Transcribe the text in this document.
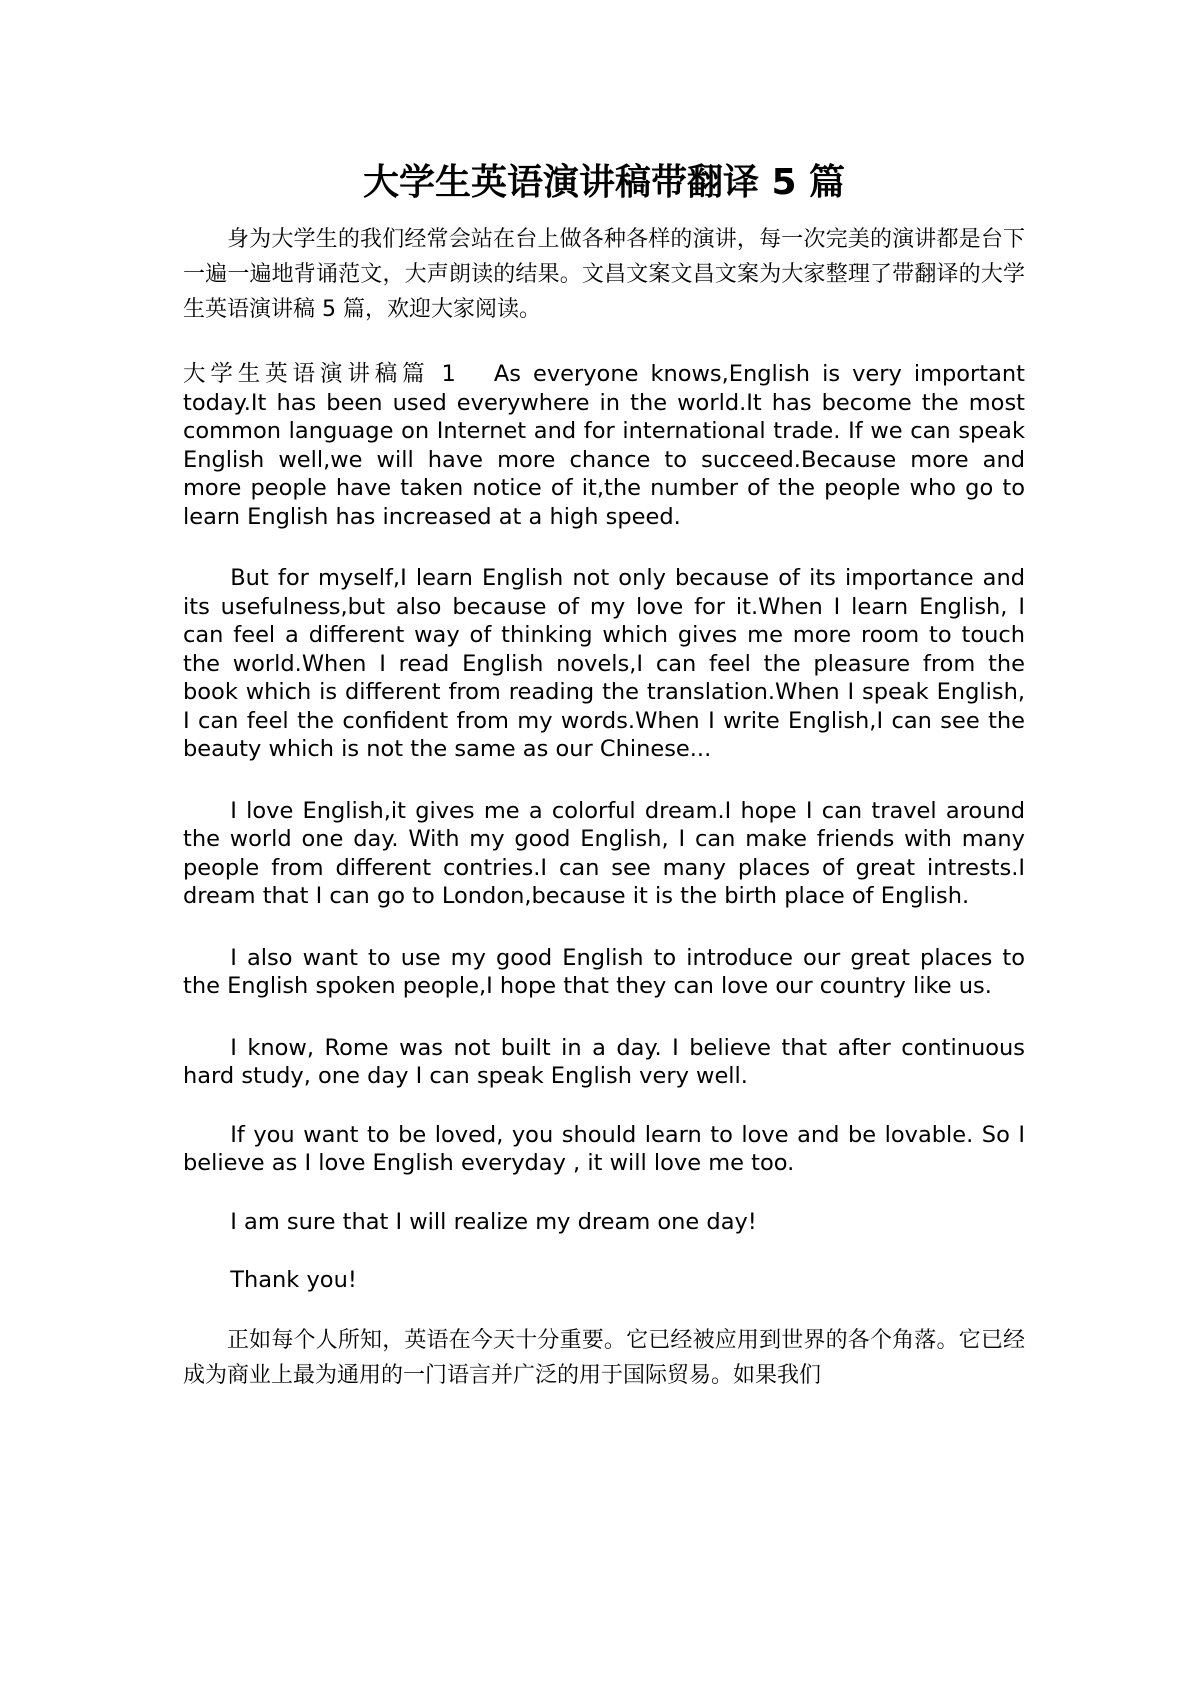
大学生英语演讲稿带翻译 5 篇

身为大学生的我们经常会站在台上做各种各样的演讲，每一次完美的演讲都是台下一遍一遍地背诵范文，大声朗读的结果。文昌文案文昌文案为大家整理了带翻译的大学生英语演讲稿 5 篇，欢迎大家阅读。

大学生英语演讲稿篇 1 As everyone knows,English is very important today.It has been used everywhere in the world.It has become the most common language on Internet and for international trade. If we can speak English well,we will have more chance to succeed.Because more and more people have taken notice of it,the number of the people who go to learn English has increased at a high speed.

But for myself,I learn English not only because of its importance and its usefulness,but also because of my love for it.When I learn English, I can feel a different way of thinking which gives me more room to touch the world.When I read English novels,I can feel the pleasure from the book which is different from reading the translation.When I speak English, I can feel the confident from my words.When I write English,I can see the beauty which is not the same as our Chinese...

I love English,it gives me a colorful dream.I hope I can travel around the world one day. With my good English, I can make friends with many people from different contries.I can see many places of great intrests.I dream that I can go to London,because it is the birth place of English.

I also want to use my good English to introduce our great places to the English spoken people,I hope that they can love our country like us.

I know, Rome was not built in a day. I believe that after continuous hard study, one day I can speak English very well.

If you want to be loved, you should learn to love and be lovable. So I believe as I love English everyday , it will love me too.

I am sure that I will realize my dream one day!

Thank you!

正如每个人所知，英语在今天十分重要。它已经被应用到世界的各个角落。它已经成为商业上最为通用的一门语言并广泛的用于国际贸易。如果我们
